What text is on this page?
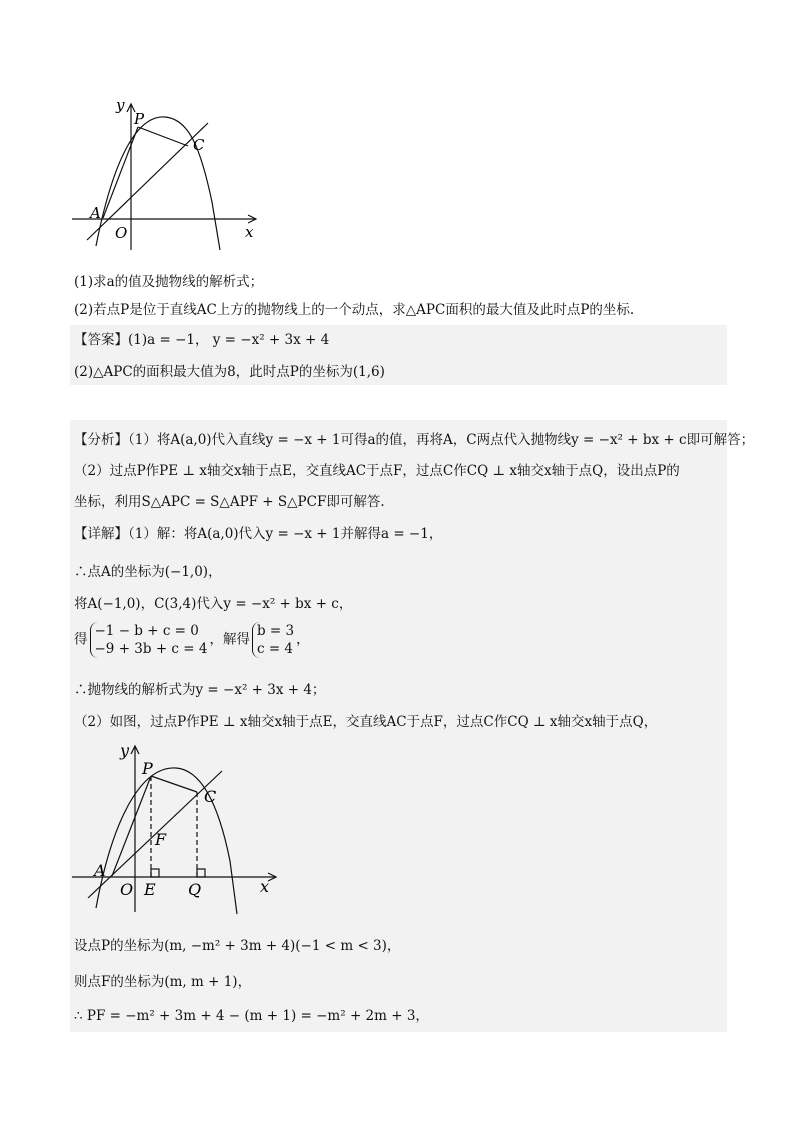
y
P
C
A
O	x
(1)求a的值及抛物线的解析式；
(2)若点P是位于直线AC上方的抛物线上的一个动点，求△APC面积的最大值及此时点P的坐标.
【答案】(1)a = −1， y = −x² + 3x + 4
(2)△APC的面积最大值为8，此时点P的坐标为(1,6)
【分析】（1）将A(a,0)代入直线y = −x + 1可得a的值，再将A，C两点代入抛物线y = −x² + bx + c即可解答；
（2）过点P作PE ⊥ x轴交x轴于点E，交直线AC于点F，过点C作CQ ⊥ x轴交x轴于点Q，设出点P的
坐标，利用S△APC = S△APF + S△PCF即可解答.
【详解】（1）解：将A(a,0)代入y = −x + 1并解得a = −1，
∴点A的坐标为(−1,0)，
将A(−1,0)，C(3,4)代入y = −x² + bx + c，
得−1 − b + c = 0
−9 + 3b + c = 4，解得b = 3
c = 4，
∴抛物线的解析式为y = −x² + 3x + 4；
（2）如图，过点P作PE ⊥ x轴交x轴于点E，交直线AC于点F，过点C作CQ ⊥ x轴交x轴于点Q，
y
P
C
F
A
O E Q	x
设点P的坐标为(m, −m² + 3m + 4)(−1 < m < 3)，
则点F的坐标为(m, m + 1)，
∴ PF = −m² + 3m + 4 − (m + 1) = −m² + 2m + 3，
